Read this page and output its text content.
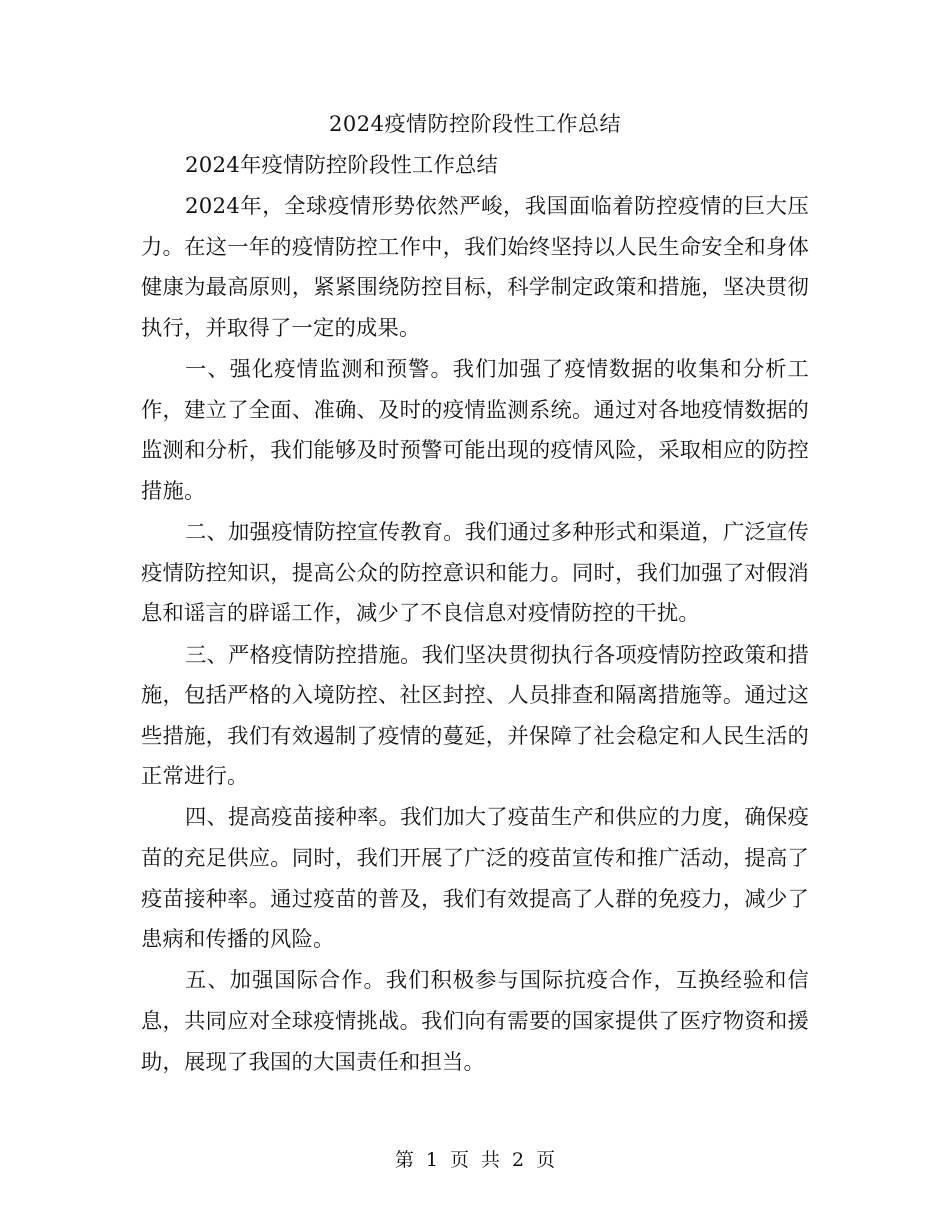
2024疫情防控阶段性工作总结

2024年疫情防控阶段性工作总结

2024年，全球疫情形势依然严峻，我国面临着防控疫情的巨大压力。在这一年的疫情防控工作中，我们始终坚持以人民生命安全和身体健康为最高原则，紧紧围绕防控目标，科学制定政策和措施，坚决贯彻执行，并取得了一定的成果。

一、强化疫情监测和预警。我们加强了疫情数据的收集和分析工作，建立了全面、准确、及时的疫情监测系统。通过对各地疫情数据的监测和分析，我们能够及时预警可能出现的疫情风险，采取相应的防控措施。

二、加强疫情防控宣传教育。我们通过多种形式和渠道，广泛宣传疫情防控知识，提高公众的防控意识和能力。同时，我们加强了对假消息和谣言的辟谣工作，减少了不良信息对疫情防控的干扰。

三、严格疫情防控措施。我们坚决贯彻执行各项疫情防控政策和措施，包括严格的入境防控、社区封控、人员排查和隔离措施等。通过这些措施，我们有效遏制了疫情的蔓延，并保障了社会稳定和人民生活的正常进行。

四、提高疫苗接种率。我们加大了疫苗生产和供应的力度，确保疫苗的充足供应。同时，我们开展了广泛的疫苗宣传和推广活动，提高了疫苗接种率。通过疫苗的普及，我们有效提高了人群的免疫力，减少了患病和传播的风险。

五、加强国际合作。我们积极参与国际抗疫合作，互换经验和信息，共同应对全球疫情挑战。我们向有需要的国家提供了医疗物资和援助，展现了我国的大国责任和担当。

第 1 页 共 2 页
